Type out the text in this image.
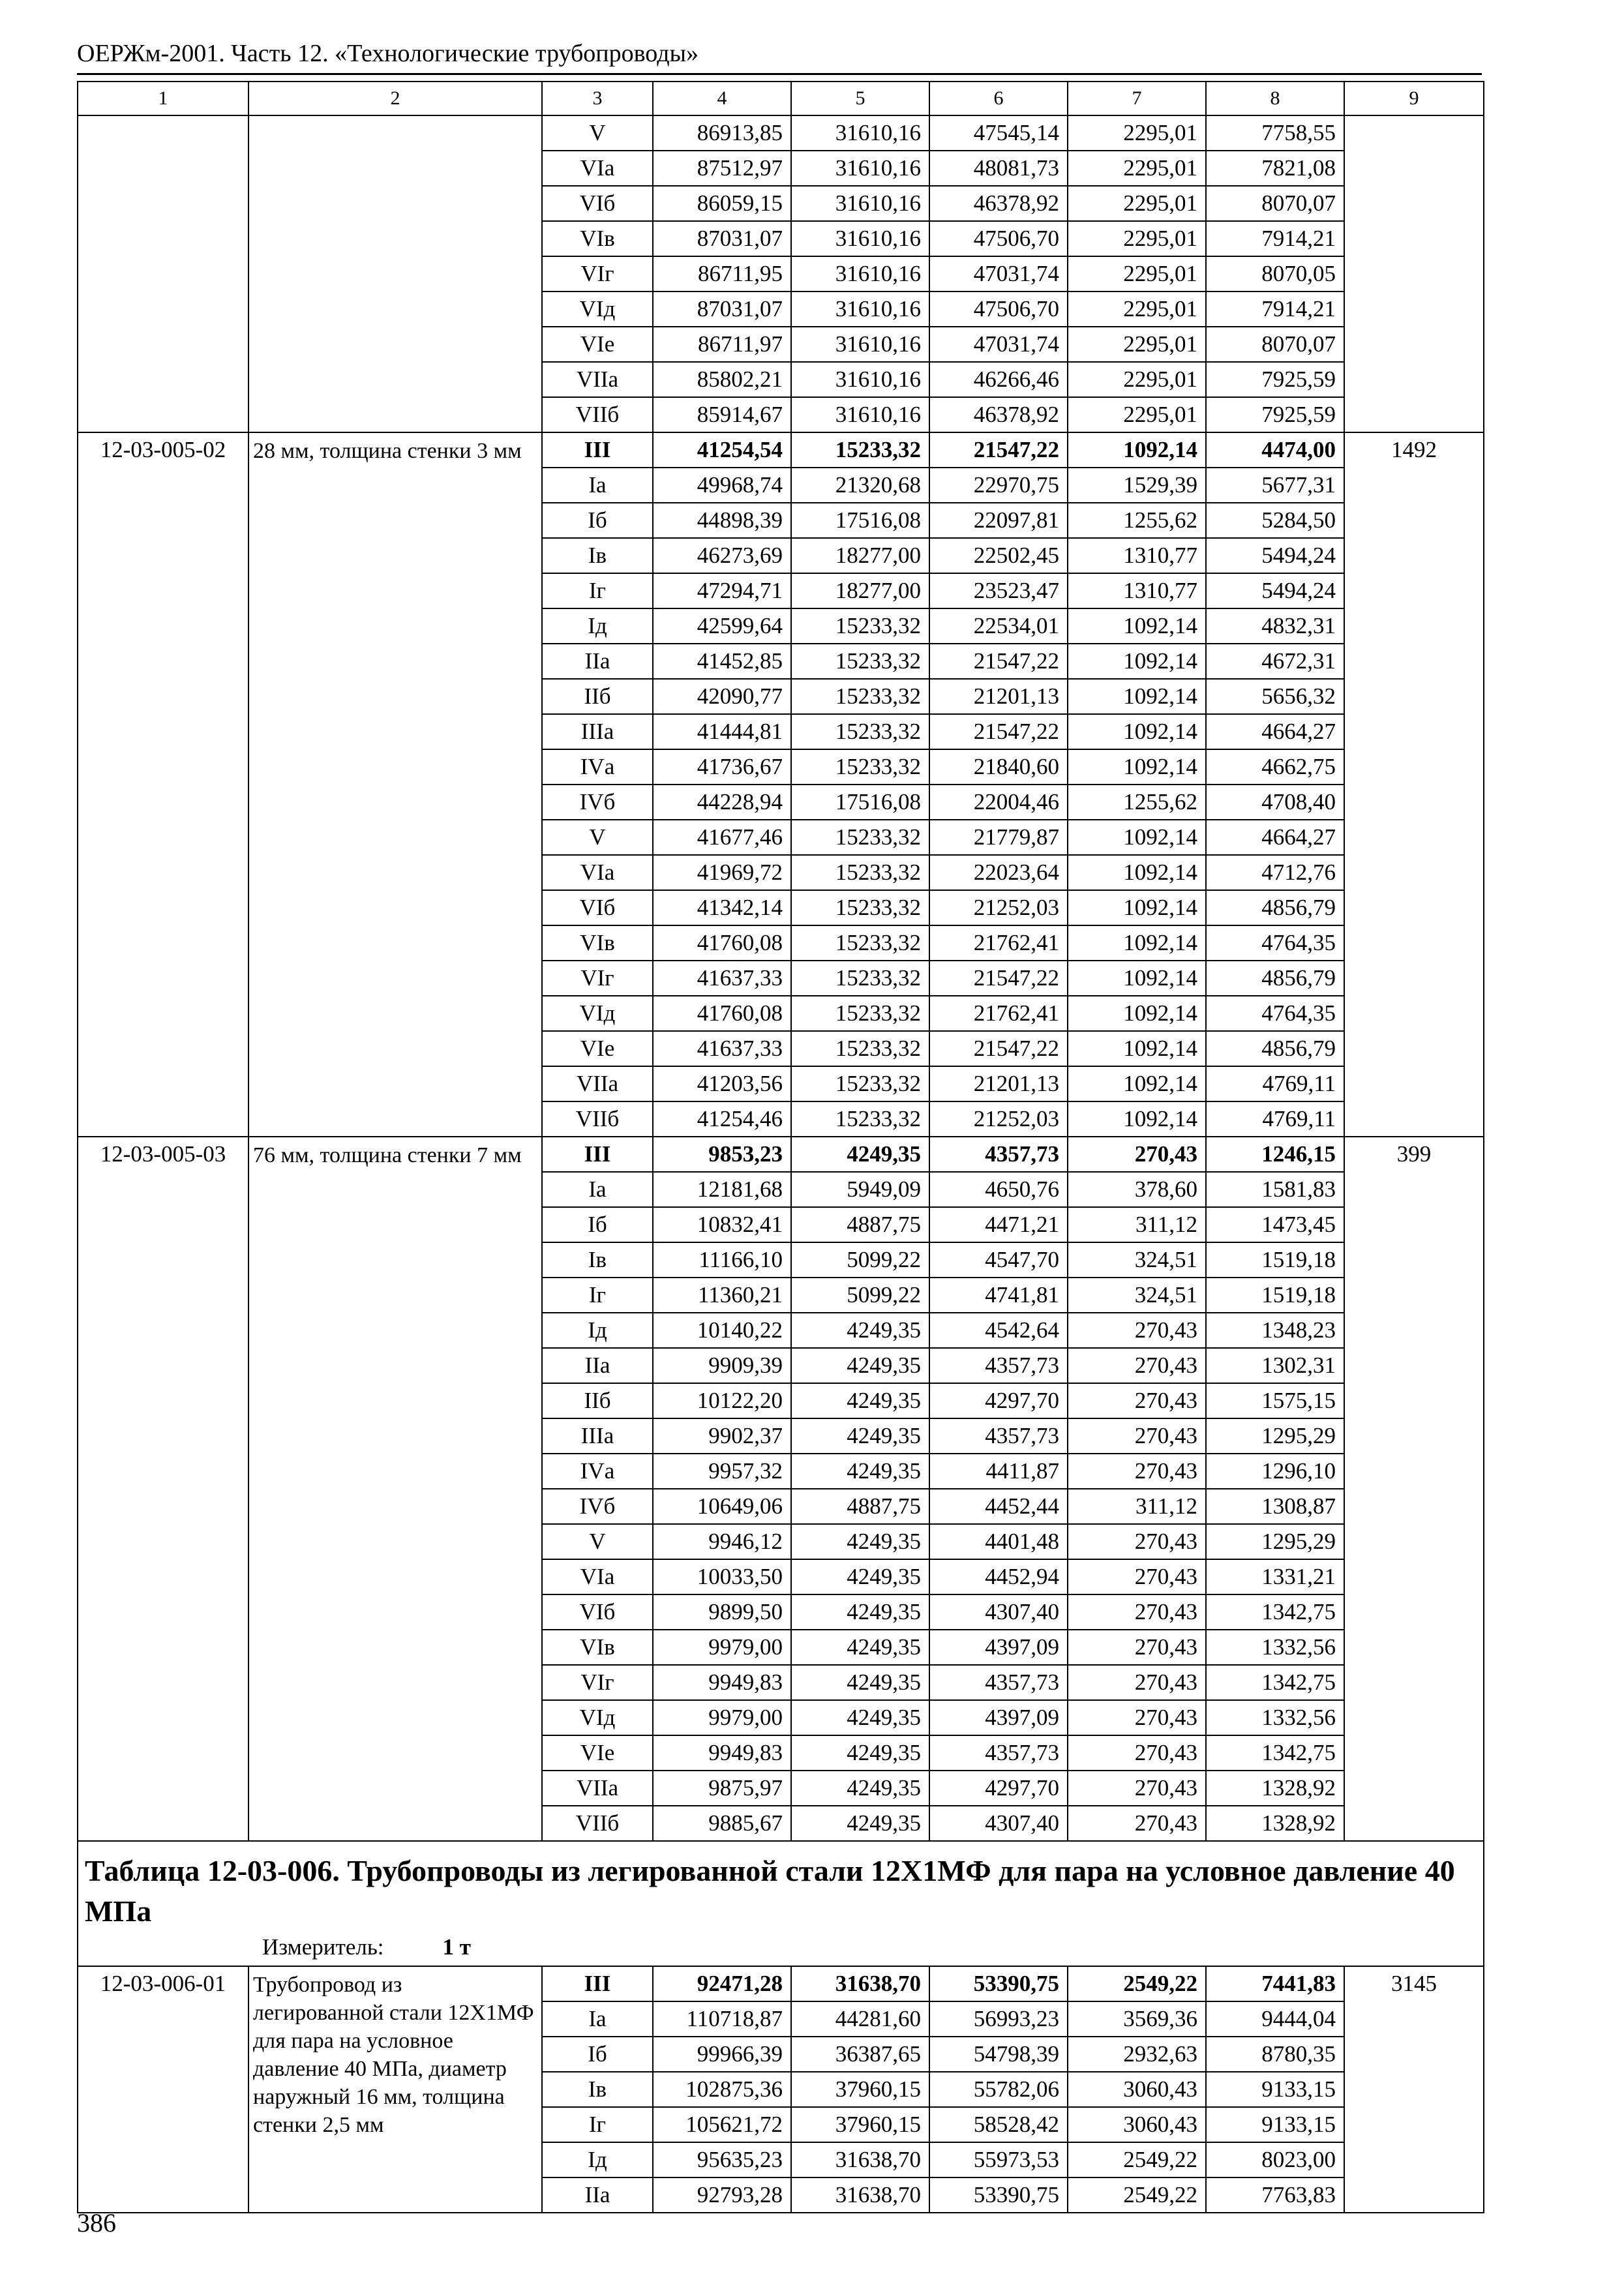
ОЕРЖм-2001. Часть 12. «Технологические трубопроводы»
1	2	3	4	5	6	7	8	9
		V	86913,85	31610,16	47545,14	2295,01	7758,55	
		VIа	87512,97	31610,16	48081,73	2295,01	7821,08	
		VIб	86059,15	31610,16	46378,92	2295,01	8070,07	
		VIв	87031,07	31610,16	47506,70	2295,01	7914,21	
		VIг	86711,95	31610,16	47031,74	2295,01	8070,05	
		VIд	87031,07	31610,16	47506,70	2295,01	7914,21	
		VIе	86711,97	31610,16	47031,74	2295,01	8070,07	
		VIIа	85802,21	31610,16	46266,46	2295,01	7925,59	
		VIIб	85914,67	31610,16	46378,92	2295,01	7925,59	
12-03-005-02	28 мм, толщина стенки 3 мм	III	41254,54	15233,32	21547,22	1092,14	4474,00	1492
		Iа	49968,74	21320,68	22970,75	1529,39	5677,31	
		Iб	44898,39	17516,08	22097,81	1255,62	5284,50	
		Iв	46273,69	18277,00	22502,45	1310,77	5494,24	
		Iг	47294,71	18277,00	23523,47	1310,77	5494,24	
		Iд	42599,64	15233,32	22534,01	1092,14	4832,31	
		IIа	41452,85	15233,32	21547,22	1092,14	4672,31	
		IIб	42090,77	15233,32	21201,13	1092,14	5656,32	
		IIIа	41444,81	15233,32	21547,22	1092,14	4664,27	
		IVа	41736,67	15233,32	21840,60	1092,14	4662,75	
		IVб	44228,94	17516,08	22004,46	1255,62	4708,40	
		V	41677,46	15233,32	21779,87	1092,14	4664,27	
		VIа	41969,72	15233,32	22023,64	1092,14	4712,76	
		VIб	41342,14	15233,32	21252,03	1092,14	4856,79	
		VIв	41760,08	15233,32	21762,41	1092,14	4764,35	
		VIг	41637,33	15233,32	21547,22	1092,14	4856,79	
		VIд	41760,08	15233,32	21762,41	1092,14	4764,35	
		VIе	41637,33	15233,32	21547,22	1092,14	4856,79	
		VIIа	41203,56	15233,32	21201,13	1092,14	4769,11	
		VIIб	41254,46	15233,32	21252,03	1092,14	4769,11	
12-03-005-03	76 мм, толщина стенки 7 мм	III	9853,23	4249,35	4357,73	270,43	1246,15	399
		Iа	12181,68	5949,09	4650,76	378,60	1581,83	
		Iб	10832,41	4887,75	4471,21	311,12	1473,45	
		Iв	11166,10	5099,22	4547,70	324,51	1519,18	
		Iг	11360,21	5099,22	4741,81	324,51	1519,18	
		Iд	10140,22	4249,35	4542,64	270,43	1348,23	
		IIа	9909,39	4249,35	4357,73	270,43	1302,31	
		IIб	10122,20	4249,35	4297,70	270,43	1575,15	
		IIIа	9902,37	4249,35	4357,73	270,43	1295,29	
		IVа	9957,32	4249,35	4411,87	270,43	1296,10	
		IVб	10649,06	4887,75	4452,44	311,12	1308,87	
		V	9946,12	4249,35	4401,48	270,43	1295,29	
		VIа	10033,50	4249,35	4452,94	270,43	1331,21	
		VIб	9899,50	4249,35	4307,40	270,43	1342,75	
		VIв	9979,00	4249,35	4397,09	270,43	1332,56	
		VIг	9949,83	4249,35	4357,73	270,43	1342,75	
		VIд	9979,00	4249,35	4397,09	270,43	1332,56	
		VIе	9949,83	4249,35	4357,73	270,43	1342,75	
		VIIа	9875,97	4249,35	4297,70	270,43	1328,92	
		VIIб	9885,67	4249,35	4307,40	270,43	1328,92	

Таблица 12-03-006. Трубопроводы из легированной стали 12Х1МФ для пара на условное давление 40 МПа
Измеритель: 1 т								

12-03-006-01	Трубопровод из легированной стали 12Х1МФ для пара на условное давление 40 МПа, диаметр наружный 16 мм, толщина стенки 2,5 мм	III	92471,28	31638,70	53390,75	2549,22	7441,83	3145
		Iа	110718,87	44281,60	56993,23	3569,36	9444,04	
		Iб	99966,39	36387,65	54798,39	2932,63	8780,35	
		Iв	102875,36	37960,15	55782,06	3060,43	9133,15	
		Iг	105621,72	37960,15	58528,42	3060,43	9133,15	
		Iд	95635,23	31638,70	55973,53	2549,22	8023,00	
		IIа	92793,28	31638,70	53390,75	2549,22	7763,83	
386
